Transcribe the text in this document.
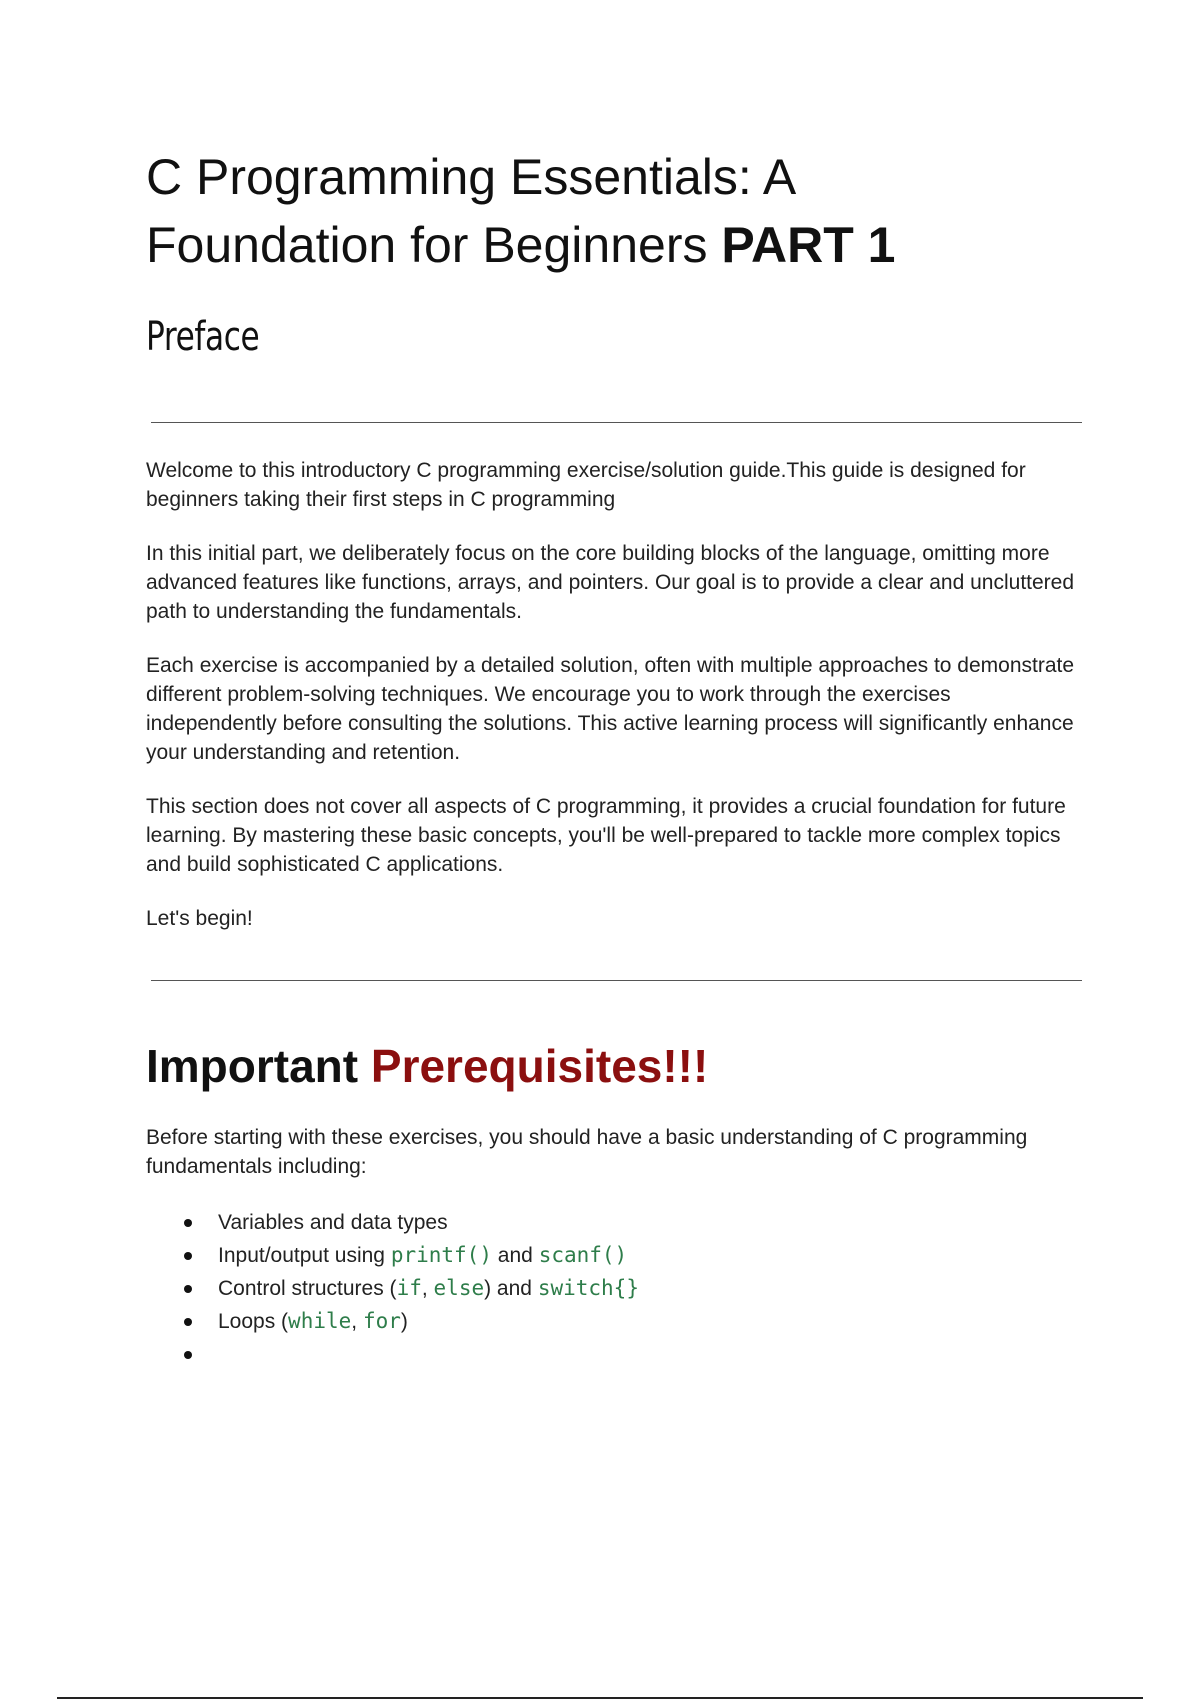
C Programming Essentials: A
Foundation for Beginners PART 1
Preface

Welcome to this introductory C programming exercise/solution guide.This guide is designed for beginners taking their first steps in C programming

In this initial part, we deliberately focus on the core building blocks of the language, omitting more advanced features like functions, arrays, and pointers. Our goal is to provide a clear and uncluttered path to understanding the fundamentals.

Each exercise is accompanied by a detailed solution, often with multiple approaches to demonstrate different problem-solving techniques. We encourage you to work through the exercises independently before consulting the solutions. This active learning process will significantly enhance your understanding and retention.

This section does not cover all aspects of C programming, it provides a crucial foundation for future learning. By mastering these basic concepts, you'll be well-prepared to tackle more complex topics and build sophisticated C applications.

Let's begin!

Important Prerequisites!!!

Before starting with these exercises, you should have a basic understanding of C programming fundamentals including:

Variables and data types
Input/output using printf() and scanf()
Control structures (if, else) and switch{}
Loops (while, for)
